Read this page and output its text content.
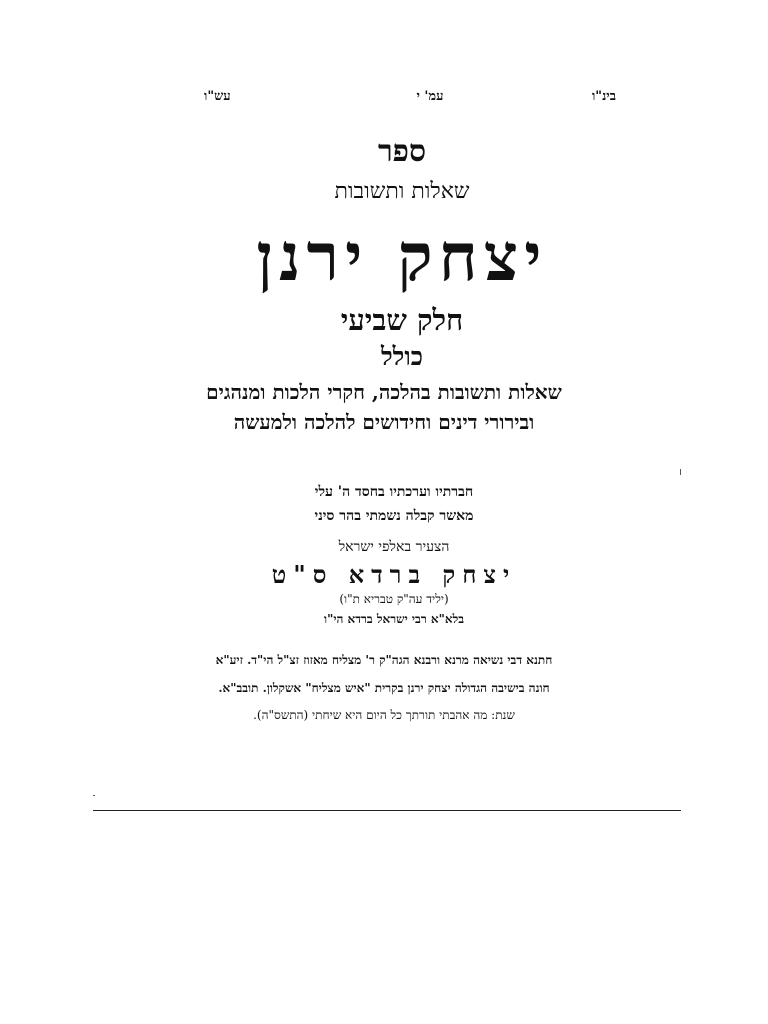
בינ"ו
עמ' י
עש"ו
ספר
שאלות ותשובות
יצחק ירנן
חלק שביעי
כולל
שאלות ותשובות בהלכה, חקרי הלכות ומנהגים
ובירורי דינים וחידושים להלכה ולמעשה
חברתיו וערכתיו בחסד ה' עלי
מאשר קבלה נשמתי בהר סיני
הצעיר באלפי ישראל
יצחק ברדא ס"ט
(יליד עה"ק טבריא ת"ו)
בלא"א רבי ישראל ברדא הי"ו
חתנא דבי נשיאה מרנא ורבנא הגה"ק ר' מצליח מאזוז זצ"ל הי"ד. זיע"א
חונה בישיבה הגדולה יצחק ירנן בקרית "איש מצליח" אשקלון. תובב"א.
שנת: מה אהבתי תורתך כל היום היא שיחתי (התשס"ה).
